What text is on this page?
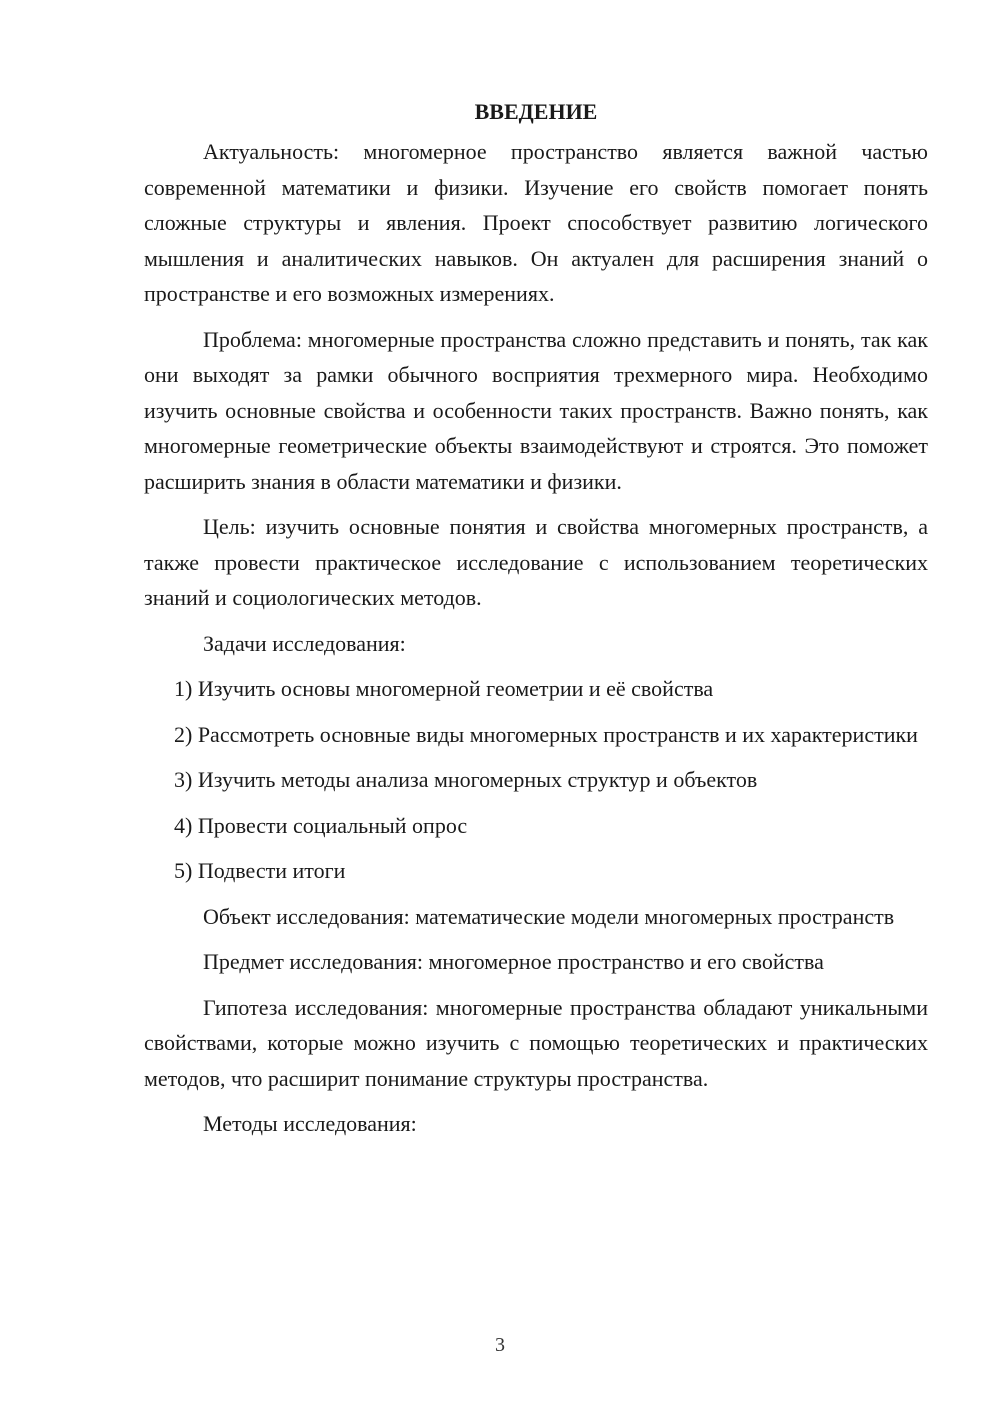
ВВЕДЕНИЕ

Актуальность: многомерное пространство является важной частью современной математики и физики. Изучение его свойств помогает понять сложные структуры и явления. Проект способствует развитию логического мышления и аналитических навыков. Он актуален для расширения знаний о пространстве и его возможных измерениях.

Проблема: многомерные пространства сложно представить и понять, так как они выходят за рамки обычного восприятия трехмерного мира. Необходимо изучить основные свойства и особенности таких пространств. Важно понять, как многомерные геометрические объекты взаимодействуют и строятся. Это поможет расширить знания в области математики и физики.

Цель: изучить основные понятия и свойства многомерных пространств, а также провести практическое исследование с использованием теоретических знаний и социологических методов.

Задачи исследования:

1) Изучить основы многомерной геометрии и её свойства

2) Рассмотреть основные виды многомерных пространств и их характеристики

3) Изучить методы анализа многомерных структур и объектов

4) Провести социальный опрос

5) Подвести итоги

Объект исследования: математические модели многомерных пространств

Предмет исследования: многомерное пространство и его свойства

Гипотеза исследования: многомерные пространства обладают уникальными свойствами, которые можно изучить с помощью теоретических и практических методов, что расширит понимание структуры пространства.

Методы исследования:

3
